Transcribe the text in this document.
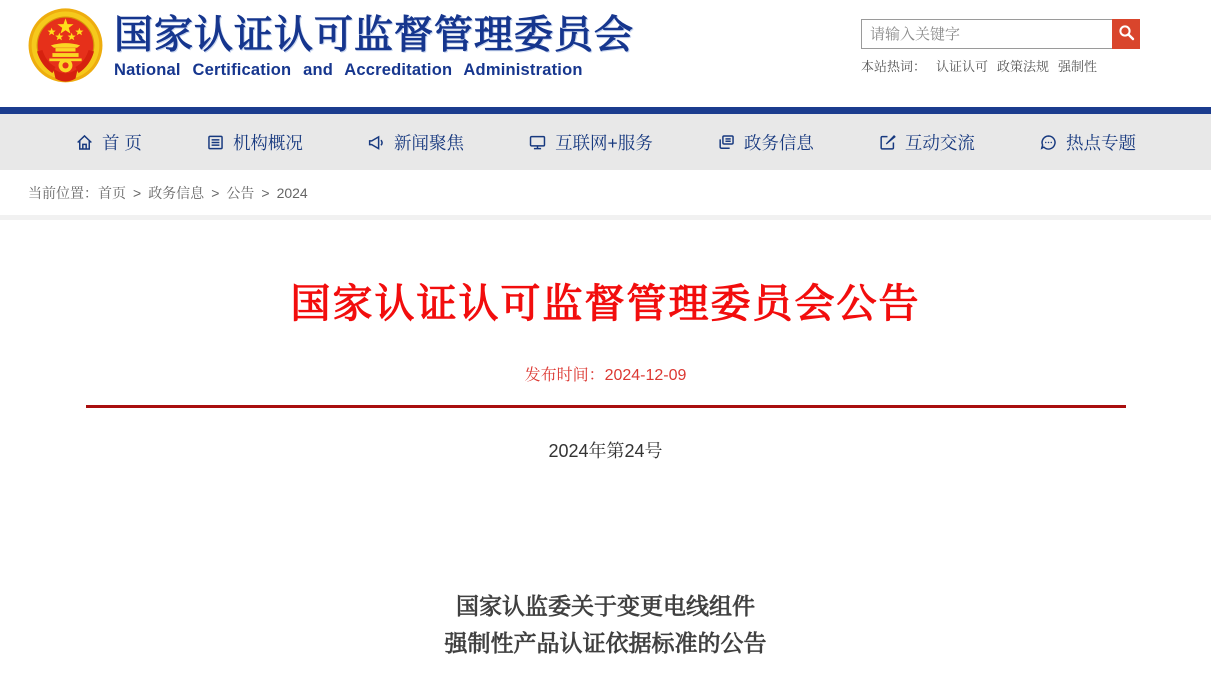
国家认证认可监督管理委员会
National Certification and Accreditation Administration
请输入关键字	本站热词： 认证认可 政策法规 强制性
首 页	机构概况	新闻聚焦	互联网+服务	政务信息	互动交流	热点专题
当前位置： 首页 > 政务信息 > 公告 > 2024
国家认证认可监督管理委员会公告
发布时间：2024-12-09
2024年第24号
国家认监委关于变更电线组件
强制性产品认证依据标准的公告
